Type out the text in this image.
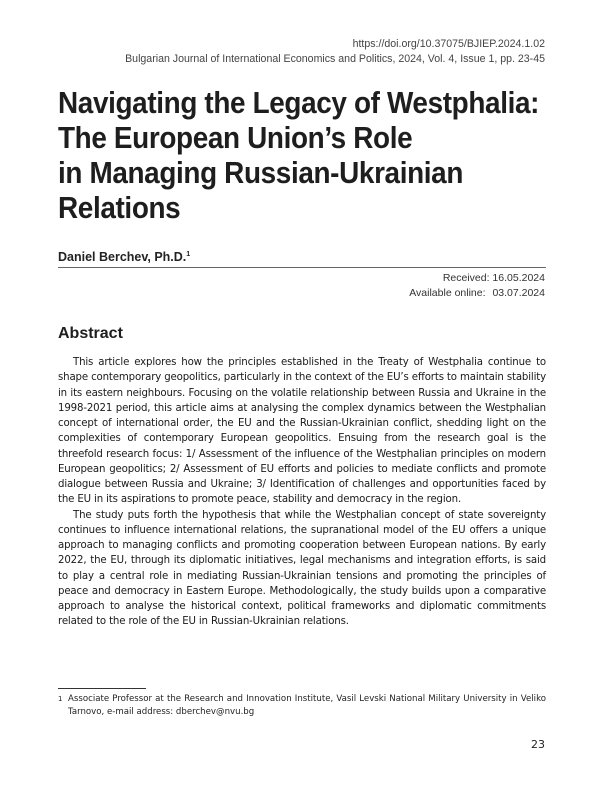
https://doi.org/10.37075/BJIEP.2024.1.02
Bulgarian Journal of International Economics and Politics, 2024, Vol. 4, Issue 1, pp. 23-45
Navigating the Legacy of Westphalia:
The European Union’s Role
in Managing Russian-Ukrainian
Relations
Daniel Berchev, Ph.D.$^1$
Received: 16.05.2024
Available online: 03.07.2024
Abstract

This article explores how the principles established in the Treaty of Westphalia continue to shape contemporary geopolitics, particularly in the context of the EU’s efforts to maintain stability in its eastern neighbours. Focusing on the volatile relationship between Russia and Ukraine in the 1998-2021 period, this article aims at analysing the complex dynamics between the Westphalian concept of international order, the EU and the Russian-Ukrainian conflict, shedding light on the complexities of contemporary European geopolitics. Ensuing from the research goal is the threefold research focus: 1/ Assessment of the influence of the Westphalian principles on modern European geopolitics; 2/ Assessment of EU efforts and policies to mediate conflicts and promote dialogue between Russia and Ukraine; 3/ Identification of challenges and opportunities faced by the EU in its aspirations to promote peace, stability and democracy in the region.

The study puts forth the hypothesis that while the Westphalian concept of state sovereignty continues to influence international relations, the supranational model of the EU offers a unique approach to managing conflicts and promoting cooperation between European nations. By early 2022, the EU, through its diplomatic initiatives, legal mechanisms and integration efforts, is said to play a central role in mediating Russian-Ukrainian tensions and promoting the principles of peace and democracy in Eastern Europe. Methodologically, the study builds upon a comparative approach to analyse the historical context, political frameworks and diplomatic commitments related to the role of the EU in Russian-Ukrainian relations.

1 Associate Professor at the Research and Innovation Institute, Vasil Levski National Military University in Veliko Tarnovo, e-mail address: dberchev@nvu.bg
23
